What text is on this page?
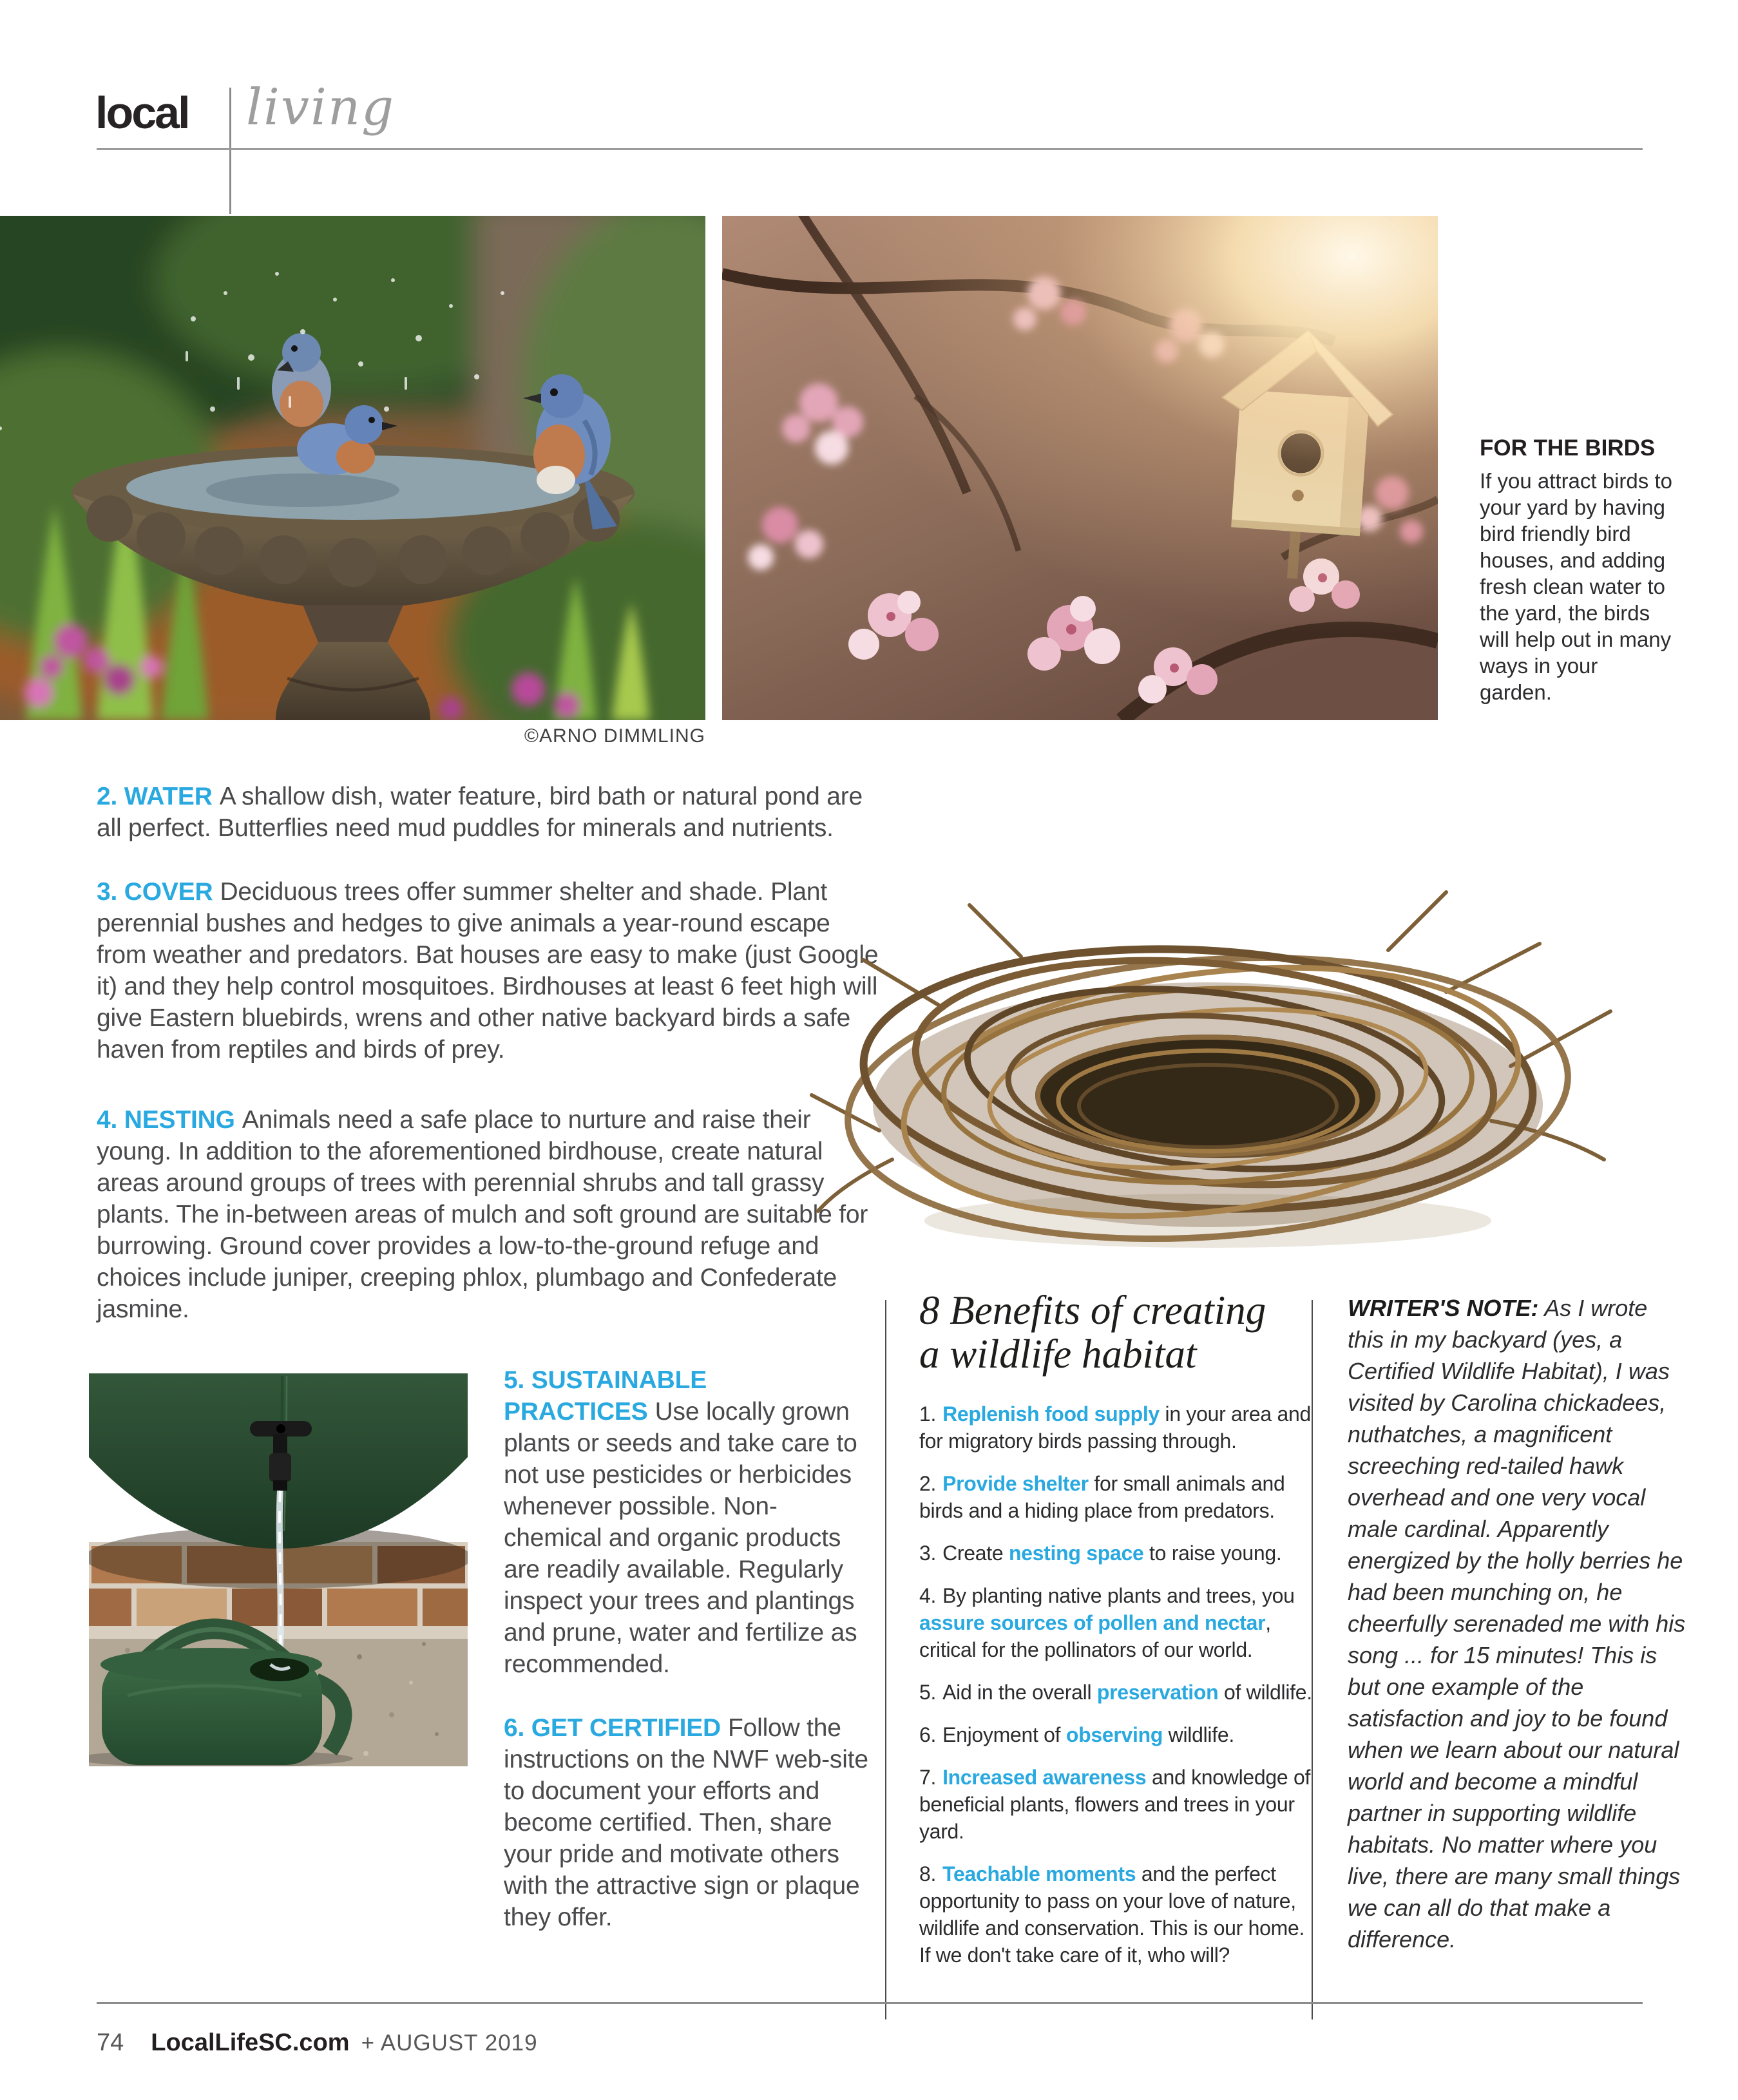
local living
©ARNO DIMMLING

FOR THE BIRDS

If you attract birds to your yard by having bird friendly bird houses, and adding fresh clean water to the yard, the birds will help out in many ways in your garden.

2. WATER A shallow dish, water feature, bird bath or natural pond are all perfect. Butterflies need mud puddles for minerals and nutrients.

3. COVER Deciduous trees offer summer shelter and shade. Plant perennial bushes and hedges to give animals a year-round escape from weather and predators. Bat houses are easy to make (just Google it) and they help control mosquitoes. Birdhouses at least 6 feet high will give Eastern bluebirds, wrens and other native backyard birds a safe haven from reptiles and birds of prey.

4. NESTING Animals need a safe place to nurture and raise their young. In addition to the aforementioned birdhouse, create natural areas around groups of trees with perennial shrubs and tall grassy plants. The in-between areas of mulch and soft ground are suitable for burrowing. Ground cover provides a low-to-the-ground refuge and choices include juniper, creeping phlox, plumbago and Confederate jasmine.

5. SUSTAINABLE PRACTICES Use locally grown plants or seeds and take care to not use pesticides or herbicides whenever possible. Non-chemical and organic products are readily available. Regularly inspect your trees and plantings and prune, water and fertilize as recommended.

6. GET CERTIFIED Follow the instructions on the NWF web-site to document your efforts and become certified. Then, share your pride and motivate others with the attractive sign or plaque they offer.

8 Benefits of creating
a wildlife habitat

1. Replenish food supply in your area and for migratory birds passing through.

2. Provide shelter for small animals and birds and a hiding place from predators.

3. Create nesting space to raise young.

4. By planting native plants and trees, you assure sources of pollen and nectar, critical for the pollinators of our world.

5. Aid in the overall preservation of wildlife.

6. Enjoyment of observing wildlife.

7. Increased awareness and knowledge of beneficial plants, flowers and trees in your yard.

8. Teachable moments and the perfect opportunity to pass on your love of nature, wildlife and conservation. This is our home. If we don't take care of it, who will?

WRITER'S NOTE: As I wrote this in my backyard (yes, a Certified Wildlife Habitat), I was visited by Carolina chickadees, nuthatches, a magnificent screeching red-tailed hawk overhead and one very vocal male cardinal. Apparently energized by the holly berries he had been munching on, he cheerfully serenaded me with his song ... for 15 minutes! This is but one example of the satisfaction and joy to be found when we learn about our natural world and become a mindful partner in supporting wildlife habitats. No matter where you live, there are many small things we can all do that make a difference.

74 LocalLifeSC.com + AUGUST 2019
